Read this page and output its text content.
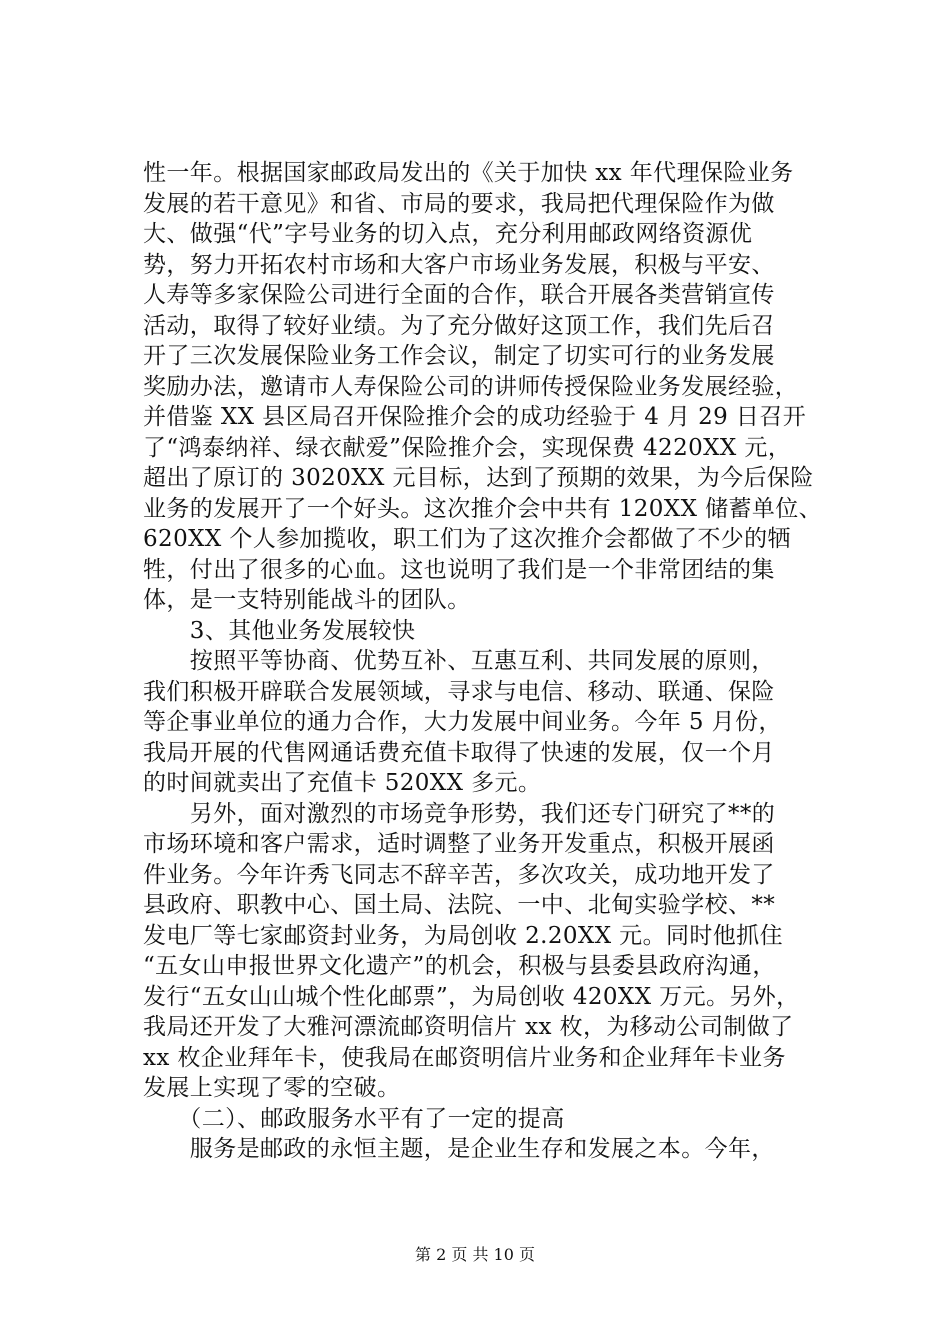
性一年。根据国家邮政局发出的《关于加快 xx 年代理保险业务
发展的若干意见》和省、市局的要求，我局把代理保险作为做
大、做强“代”字号业务的切入点，充分利用邮政网络资源优
势，努力开拓农村市场和大客户市场业务发展，积极与平安、
人寿等多家保险公司进行全面的合作，联合开展各类营销宣传
活动，取得了较好业绩。为了充分做好这顶工作，我们先后召
开了三次发展保险业务工作会议，制定了切实可行的业务发展
奖励办法，邀请市人寿保险公司的讲师传授保险业务发展经验，
并借鉴 XX 县区局召开保险推介会的成功经验于 4 月 29 日召开
了“鸿泰纳祥、绿衣献爱”保险推介会，实现保费 4220XX 元，
超出了原订的 3020XX 元目标，达到了预期的效果，为今后保险
业务的发展开了一个好头。这次推介会中共有 120XX 储蓄单位、
620XX 个人参加揽收，职工们为了这次推介会都做了不少的牺
牲，付出了很多的心血。这也说明了我们是一个非常团结的集
体，是一支特别能战斗的团队。
　　3、其他业务发展较快
　　按照平等协商、优势互补、互惠互利、共同发展的原则，
我们积极开辟联合发展领域，寻求与电信、移动、联通、保险
等企事业单位的通力合作，大力发展中间业务。今年 5 月份，
我局开展的代售网通话费充值卡取得了快速的发展，仅一个月
的时间就卖出了充值卡 520XX 多元。
　　另外，面对激烈的市场竞争形势，我们还专门研究了**的
市场环境和客户需求，适时调整了业务开发重点，积极开展函
件业务。今年许秀飞同志不辞辛苦，多次攻关，成功地开发了
县政府、职教中心、国土局、法院、一中、北甸实验学校、**
发电厂等七家邮资封业务，为局创收 2.20XX 元。同时他抓住
“五女山申报世界文化遗产”的机会，积极与县委县政府沟通，
发行“五女山山城个性化邮票”，为局创收 420XX 万元。另外，
我局还开发了大雅河漂流邮资明信片 xx 枚，为移动公司制做了
xx 枚企业拜年卡，使我局在邮资明信片业务和企业拜年卡业务
发展上实现了零的空破。
　　（二）、邮政服务水平有了一定的提高
　　服务是邮政的永恒主题，是企业生存和发展之本。今年，
第 2 页 共 10 页
